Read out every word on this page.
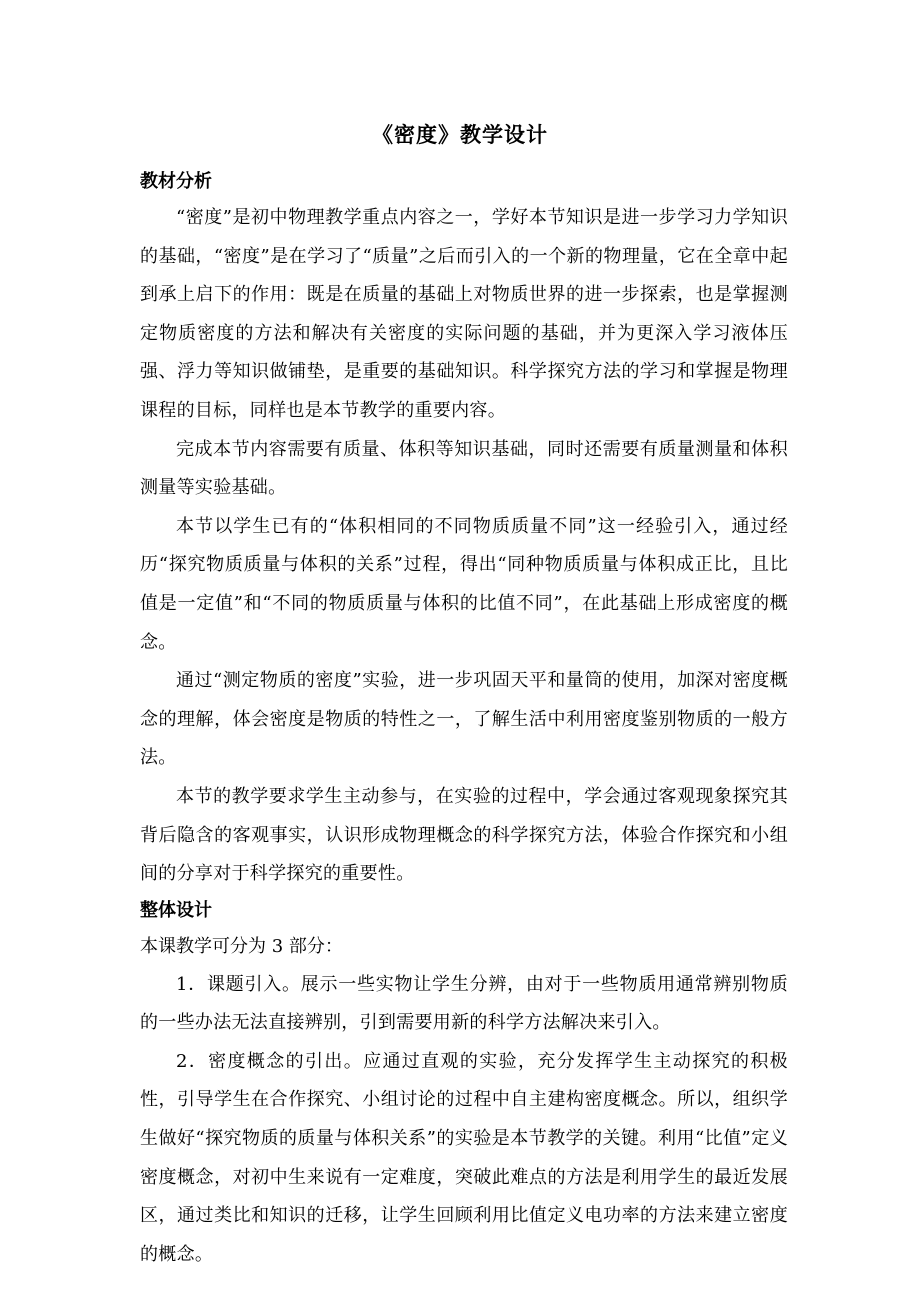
《密度》教学设计

教材分析

“密度”是初中物理教学重点内容之一，学好本节知识是进一步学习力学知识的基础，“密度”是在学习了“质量”之后而引入的一个新的物理量，它在全章中起到承上启下的作用：既是在质量的基础上对物质世界的进一步探索，也是掌握测定物质密度的方法和解决有关密度的实际问题的基础，并为更深入学习液体压强、浮力等知识做铺垫，是重要的基础知识。科学探究方法的学习和掌握是物理课程的目标，同样也是本节教学的重要内容。

完成本节内容需要有质量、体积等知识基础，同时还需要有质量测量和体积测量等实验基础。

本节以学生已有的“体积相同的不同物质质量不同”这一经验引入，通过经历“探究物质质量与体积的关系”过程，得出“同种物质质量与体积成正比，且比值是一定值”和“不同的物质质量与体积的比值不同”，在此基础上形成密度的概念。

通过“测定物质的密度”实验，进一步巩固天平和量筒的使用，加深对密度概念的理解，体会密度是物质的特性之一，了解生活中利用密度鉴别物质的一般方法。

本节的教学要求学生主动参与，在实验的过程中，学会通过客观现象探究其背后隐含的客观事实，认识形成物理概念的科学探究方法，体验合作探究和小组间的分享对于科学探究的重要性。

整体设计

本课教学可分为 3 部分：

1．课题引入。展示一些实物让学生分辨，由对于一些物质用通常辨别物质的一些办法无法直接辨别，引到需要用新的科学方法解决来引入。

2．密度概念的引出。应通过直观的实验，充分发挥学生主动探究的积极性，引导学生在合作探究、小组讨论的过程中自主建构密度概念。所以，组织学生做好“探究物质的质量与体积关系”的实验是本节教学的关键。利用“比值”定义密度概念，对初中生来说有一定难度，突破此难点的方法是利用学生的最近发展区，通过类比和知识的迁移，让学生回顾利用比值定义电功率的方法来建立密度的概念。
